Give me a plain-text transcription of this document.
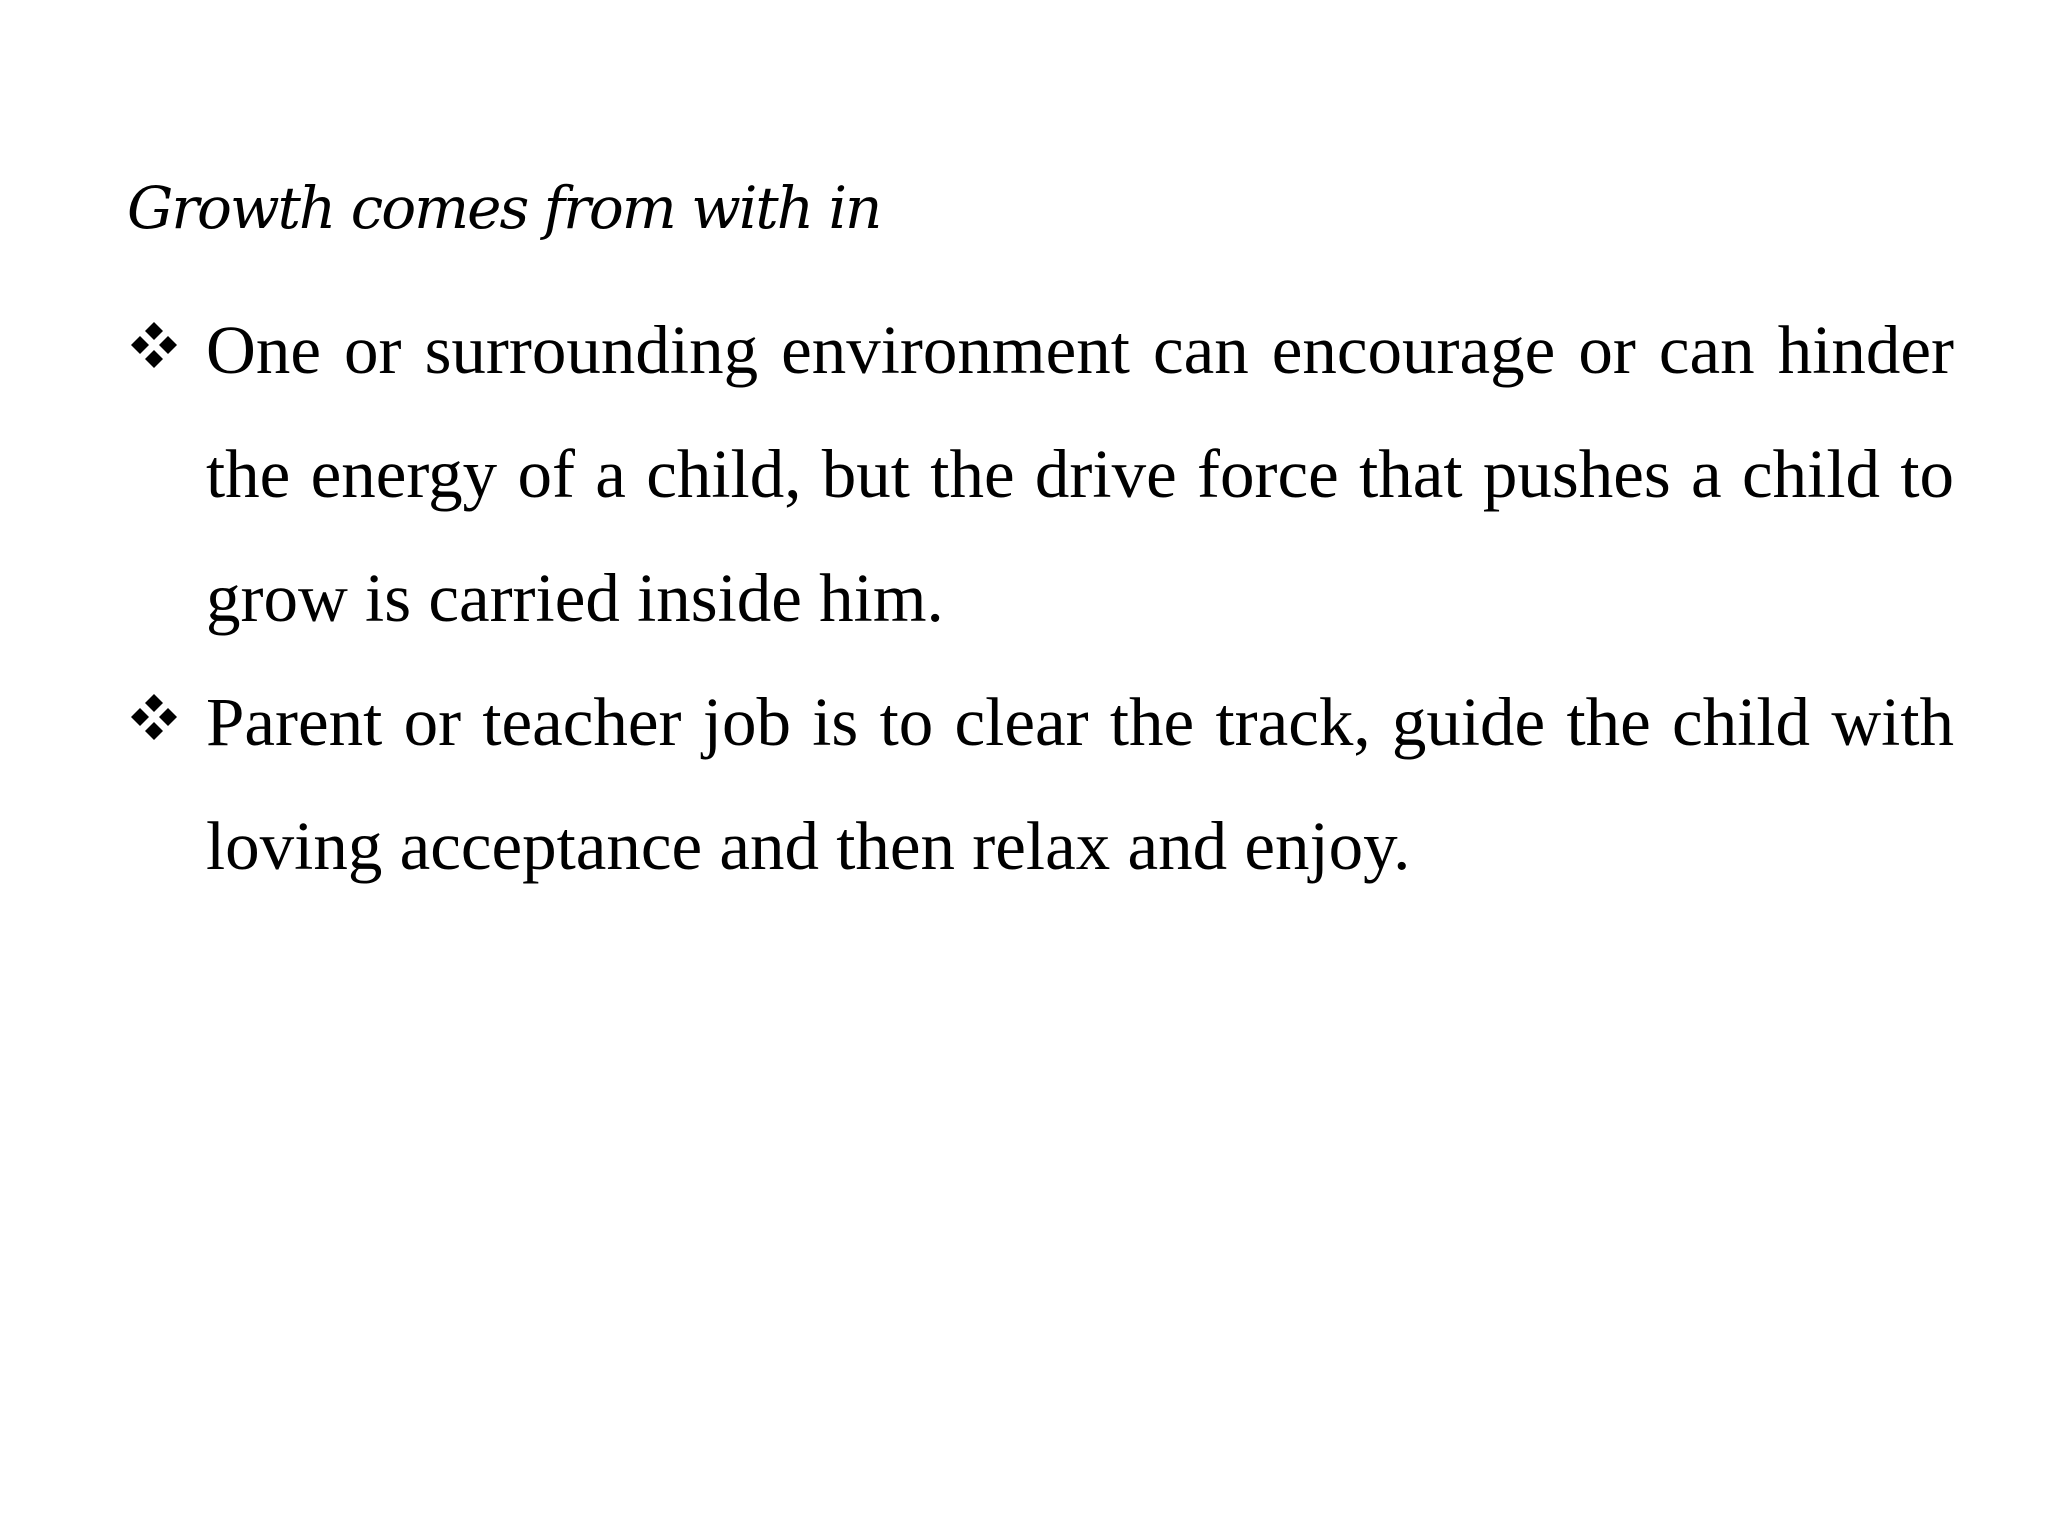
Growth comes from with in
One or surrounding environment can encourage or can hinder the energy of a child, but the drive force that pushes a child to grow is carried inside him.
Parent or teacher job is to clear the track, guide the child with loving acceptance and then relax and enjoy.
